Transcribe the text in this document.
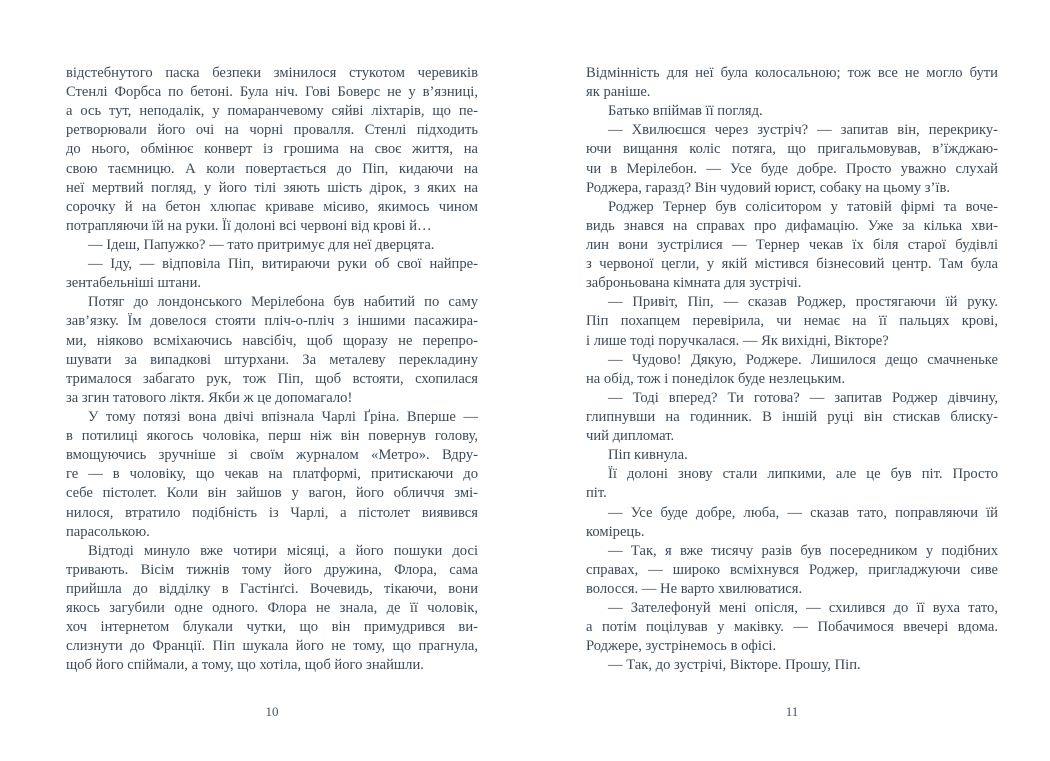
відстебнутого паска безпеки змінилося стукотом черевиків
Стенлі Форбса по бетоні. Була ніч. Гові Боверс не у в’язниці,
а ось тут, неподалік, у помаранчевому сяйві ліхтарів, що пе-
ретворювали його очі на чорні провалля. Стенлі підходить
до нього, обмінює конверт із грошима на своє життя, на
свою таємницю. А коли повертається до Піп, кидаючи на
неї мертвий погляд, у його тілі зяють шість дірок, з яких на
сорочку й на бетон хлюпає криваве місиво, якимось чином
потрапляючи їй на руки. Її долоні всі червоні від крові й…
— Ідеш, Папужко? — тато притримує для неї дверцята.
— Іду, — відповіла Піп, витираючи руки об свої найпре-
зентабельніші штани.
Потяг до лондонського Мерілебона був набитий по саму
зав’язку. Їм довелося стояти пліч-о-пліч з іншими пасажира-
ми, ніяково всміхаючись навсібіч, щоб щоразу не перепро-
шувати за випадкові штурхани. За металеву перекладину
трималося забагато рук, тож Піп, щоб встояти, схопилася
за згин татового ліктя. Якби ж це допомагало!
У тому потязі вона двічі впізнала Чарлі Ґріна. Вперше —
в потилиці якогось чоловіка, перш ніж він повернув голову,
вмощуючись зручніше зі своїм журналом «Метро». Вдру-
ге — в чоловіку, що чекав на платформі, притискаючи до
себе пістолет. Коли він зайшов у вагон, його обличчя змі-
нилося, втратило подібність із Чарлі, а пістолет виявився
парасолькою.
Відтоді минуло вже чотири місяці, а його пошуки досі
тривають. Вісім тижнів тому його дружина, Флора, сама
прийшла до відділку в Гастінґсі. Вочевидь, тікаючи, вони
якось загубили одне одного. Флора не знала, де її чоловік,
хоч інтернетом блукали чутки, що він примудрився ви-
слизнути до Франції. Піп шукала його не тому, що прагнула,
щоб його спіймали, а тому, що хотіла, щоб його знайшли.
10
Відмінність для неї була колосальною; тож все не могло бути
як раніше.
Батько впіймав її погляд.
— Хвилюєшся через зустріч? — запитав він, перекрику-
ючи вищання коліс потяга, що пригальмовував, в’їжджаю-
чи в Мерілебон. — Усе буде добре. Просто уважно слухай
Роджера, гаразд? Він чудовий юрист, собаку на цьому з’їв.
Роджер Тернер був соліситором у татовій фірмі та воче-
видь знався на справах про дифамацію. Уже за кілька хви-
лин вони зустрілися — Тернер чекав їх біля старої будівлі
з червоної цегли, у якій містився бізнесовий центр. Там була
заброньована кімната для зустрічі.
— Привіт, Піп, — сказав Роджер, простягаючи їй руку.
Піп похапцем перевірила, чи немає на її пальцях крові,
і лише тоді поручкалася. — Як вихідні, Вікторе?
— Чудово! Дякую, Роджере. Лишилося дещо смачненьке
на обід, тож і понеділок буде незлецьким.
— Тоді вперед? Ти готова? — запитав Роджер дівчину,
глипнувши на годинник. В іншій руці він стискав блиску-
чий дипломат.
Піп кивнула.
Її долоні знову стали липкими, але це був піт. Просто
піт.
— Усе буде добре, люба, — сказав тато, поправляючи їй
комірець.
— Так, я вже тисячу разів був посередником у подібних
справах, — широко всміхнувся Роджер, пригладжуючи сиве
волосся. — Не варто хвилюватися.
— Зателефонуй мені опісля, — схилився до її вуха тато,
а потім поцілував у маківку. — Побачимося ввечері вдома.
Роджере, зустрінемось в офісі.
— Так, до зустрічі, Вікторе. Прошу, Піп.
11
